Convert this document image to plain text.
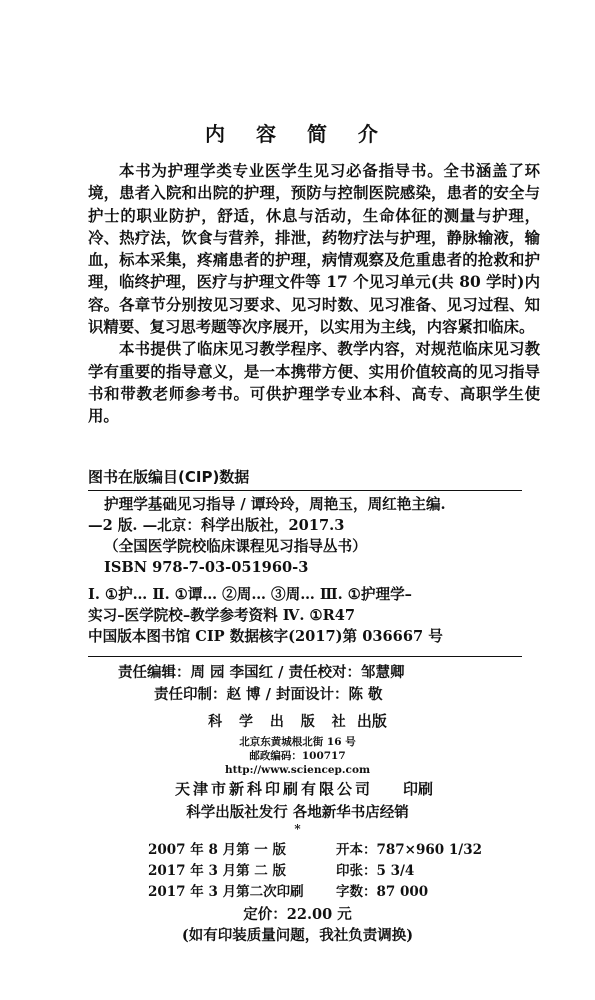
内 容 简 介

本书为护理学类专业医学生见习必备指导书。全书涵盖了环境，患者入院和出院的护理，预防与控制医院感染，患者的安全与护士的职业防护，舒适，休息与活动，生命体征的测量与护理，冷、热疗法，饮食与营养，排泄，药物疗法与护理，静脉输液，输血，标本采集，疼痛患者的护理，病情观察及危重患者的抢救和护理，临终护理，医疗与护理文件等 17 个见习单元(共 80 学时)内容。各章节分别按见习要求、见习时数、见习准备、见习过程、知识精要、复习思考题等次序展开，以实用为主线，内容紧扣临床。

本书提供了临床见习教学程序、教学内容，对规范临床见习教学有重要的指导意义，是一本携带方便、实用价值较高的见习指导书和带教老师参考书。可供护理学专业本科、高专、高职学生使用。

图书在版编目(CIP)数据
护理学基础见习指导 / 谭玲玲，周艳玉，周红艳主编.
—2 版. —北京：科学出版社，2017.3
（全国医学院校临床课程见习指导丛书）
ISBN 978-7-03-051960-3
Ⅰ. ①护… Ⅱ. ①谭… ②周… ③周… Ⅲ. ①护理学–
实习–医学院校–教学参考资料 Ⅳ. ①R47
中国版本图书馆 CIP 数据核字(2017)第 036667 号
责任编辑：周 园 李国红 / 责任校对：邹慧卿
责任印制：赵 博 / 封面设计：陈 敬
科 学 出 版 社 出版
北京东黄城根北街 16 号
邮政编码：100717
http://www.sciencep.com
天津市新科印刷有限公司 印刷
科学出版社发行 各地新华书店经销
*
2007 年 8 月第 一 版	开本：787×960 1/32
2017 年 3 月第 二 版	印张：5 3/4
2017 年 3 月第二次印刷 字数：87 000
定价：22.00 元
(如有印装质量问题，我社负责调换)
